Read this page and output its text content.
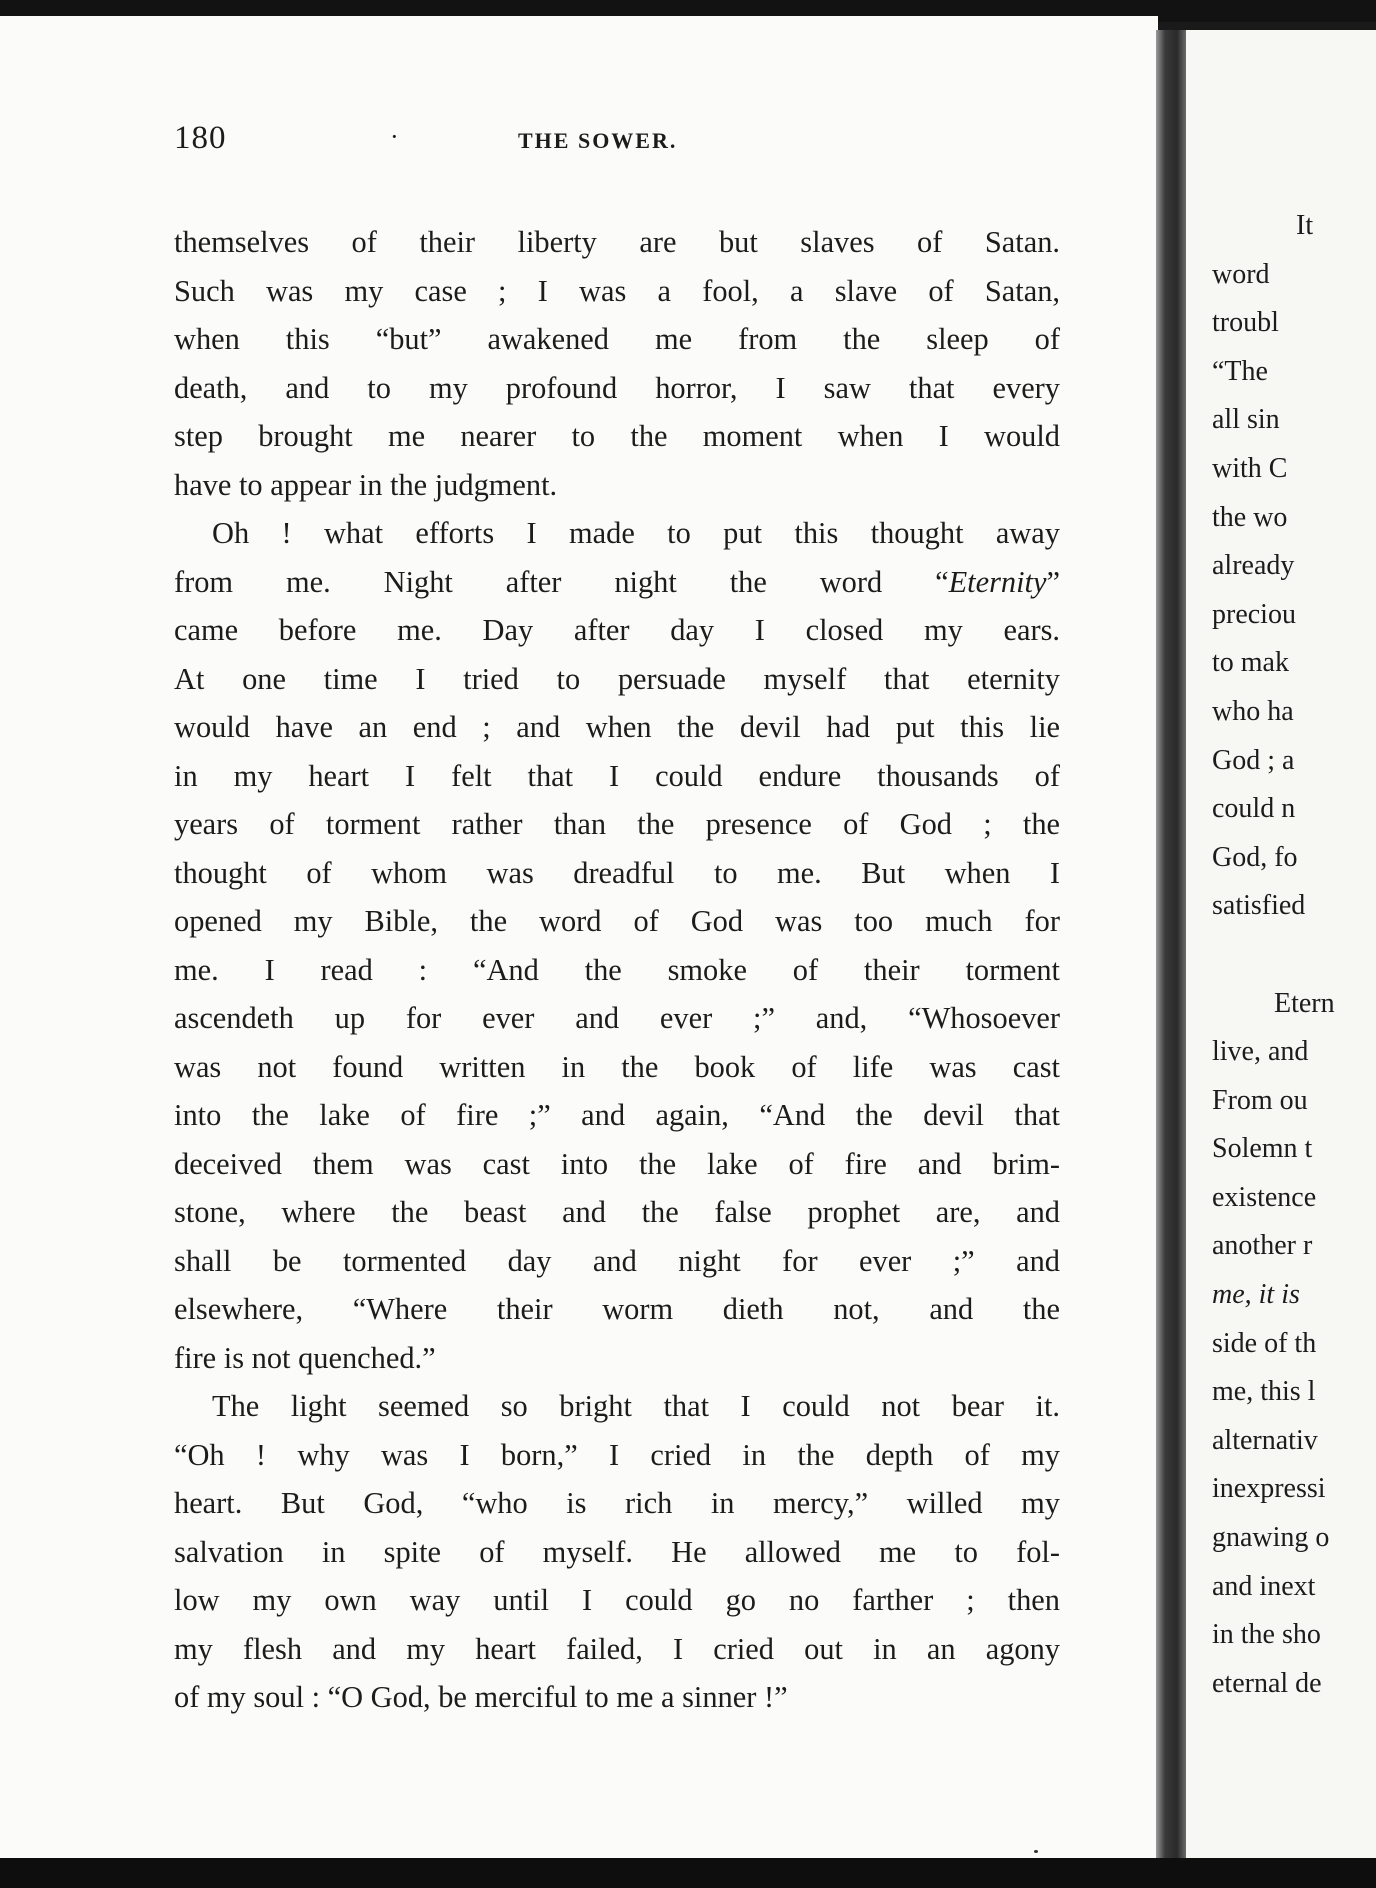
180	·	THE SOWER.

themselves of their liberty are but slaves of Satan.

Such was my case ; I was a fool, a slave of Satan,

when this “but” awakened me from the sleep of

death, and to my profound horror, I saw that every

step brought me nearer to the moment when I would

have to appear in the judgment.

Oh ! what efforts I made to put this thought away

from me. Night after night the word “Eternity”

came before me. Day after day I closed my ears.

At one time I tried to persuade myself that eternity

would have an end ; and when the devil had put this lie

in my heart I felt that I could endure thousands of

years of torment rather than the presence of God ; the

thought of whom was dreadful to me. But when I

opened my Bible, the word of God was too much for

me. I read : “And the smoke of their torment

ascendeth up for ever and ever ;” and, “Whosoever

was not found written in the book of life was cast

into the lake of fire ;” and again, “And the devil that

deceived them was cast into the lake of fire and brim-

stone, where the beast and the false prophet are, and

shall be tormented day and night for ever ;” and

elsewhere, “Where their worm dieth not, and the

fire is not quenched.”

The light seemed so bright that I could not bear it.

“Oh ! why was I born,” I cried in the depth of my

heart. But God, “who is rich in mercy,” willed my

salvation in spite of myself. He allowed me to fol-

low my own way until I could go no farther ; then

my flesh and my heart failed, I cried out in an agony

of my soul : “O God, be merciful to me a sinner !”

It
word
troubl
“The
all sin
with C
the wo
already
preciou
to mak
who ha
God ; a
could n
God, fo
satisfied
Etern
live, and
From ou
Solemn t
existence
another r
me, it is
side of th
me, this l
alternativ
inexpressi
gnawing o
and inext
in the sho
eternal de
